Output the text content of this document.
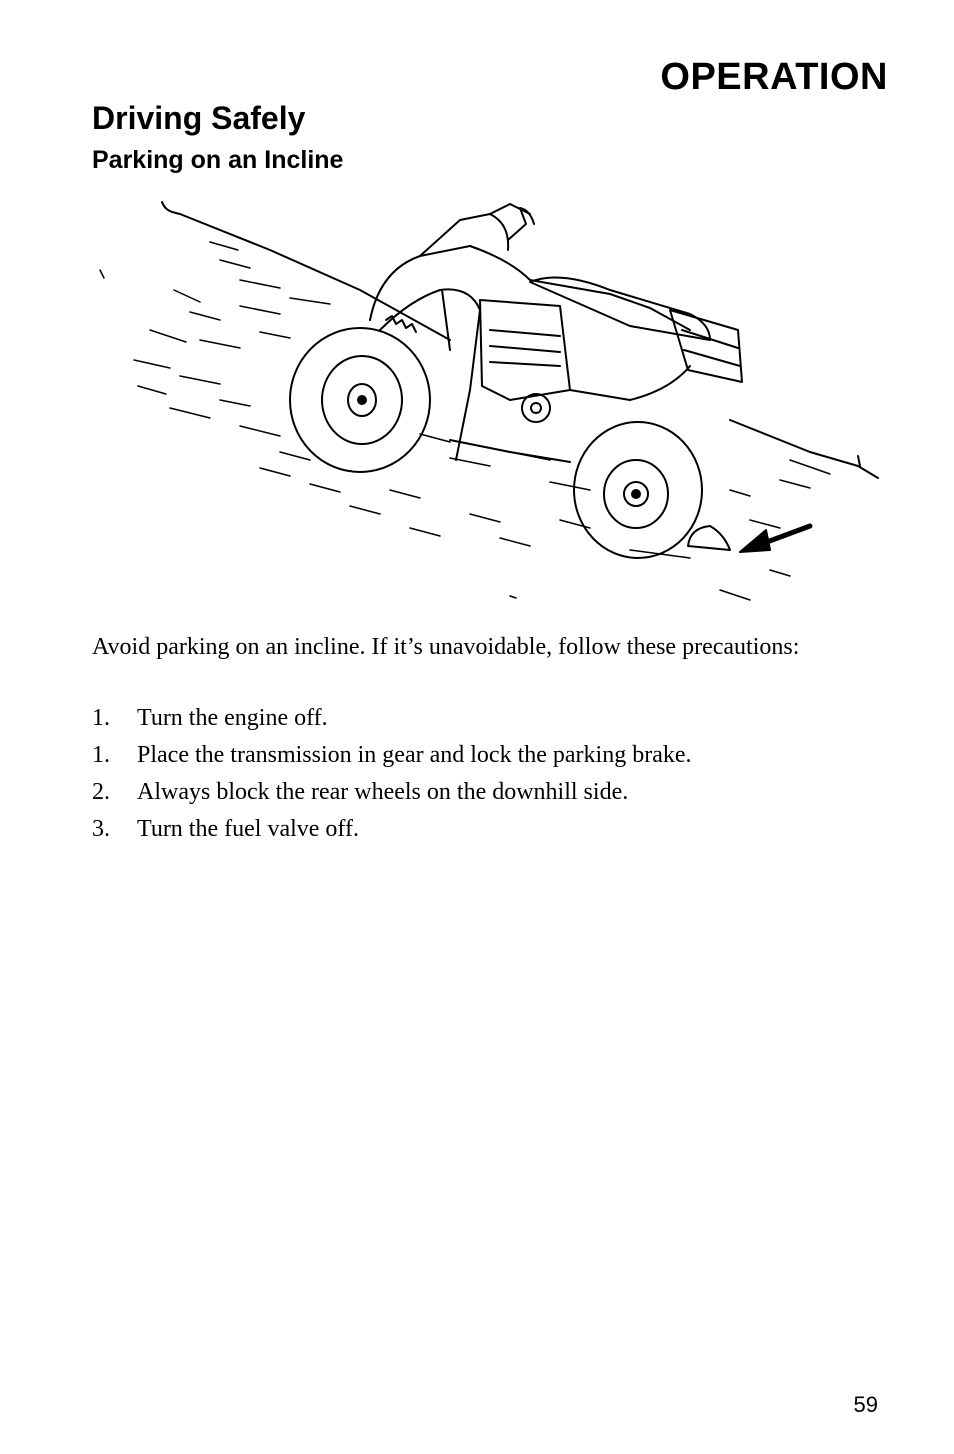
OPERATION
Driving Safely
Parking on an Incline

Avoid parking on an incline. If it’s unavoidable, follow these precautions:

1.	Turn the engine off.
1.	Place the transmission in gear and lock the parking brake.
2.	Always block the rear wheels on the downhill side.
3.	Turn the fuel valve off.
59
